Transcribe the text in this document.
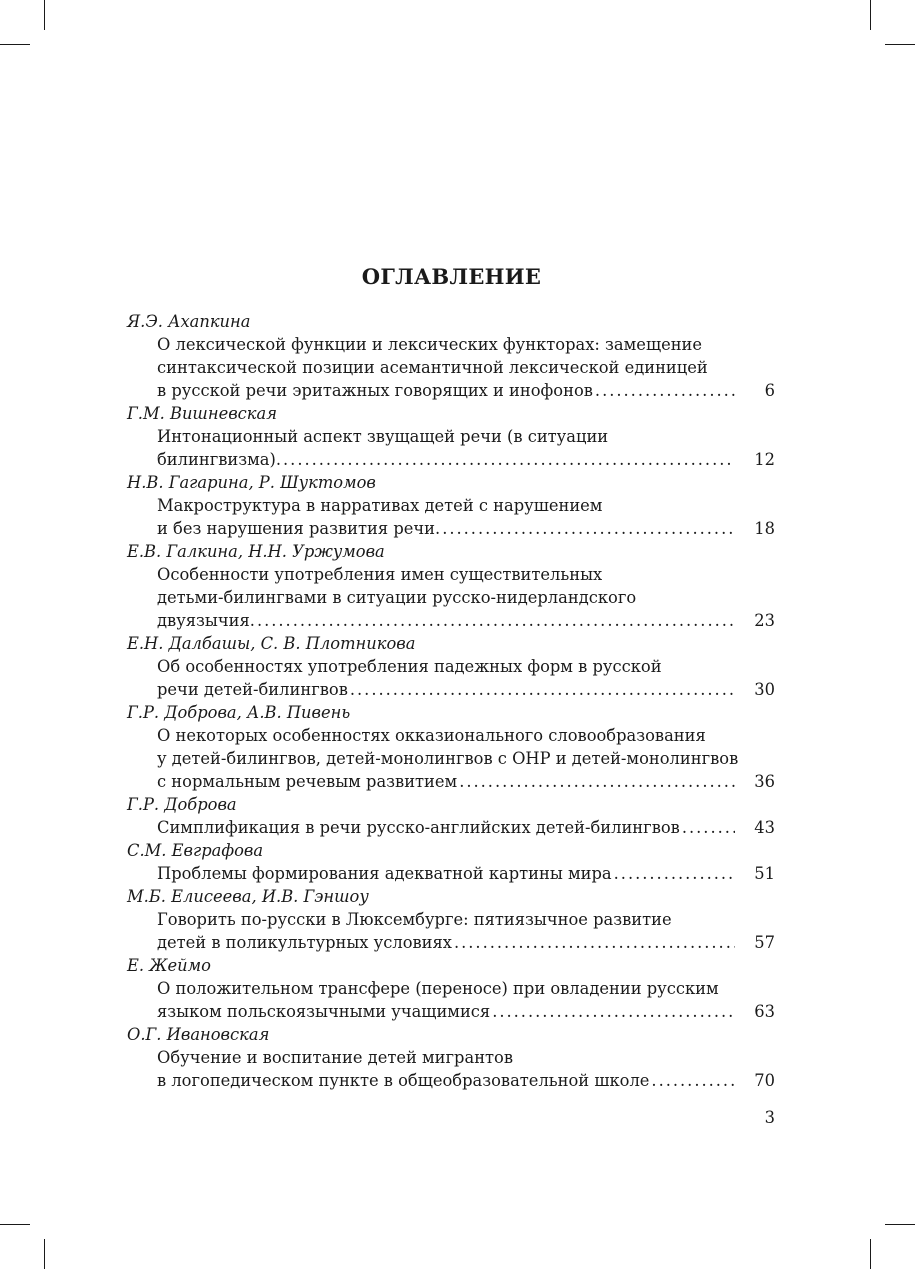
ОГЛАВЛЕНИЕ
Я.Э. Ахапкина
О лексической функции и лексических функторах: замещение
синтаксической позиции асемантичной лексической единицей
в русской речи эритажных говорящих и инофонов . . .	6
Г.М. Вишневская
Интонационный аспект звущащей речи (в ситуации
билингвизма). . . .	12
Н.В. Гагарина, Р. Шуктомов
Макроструктура в нарративах детей с нарушением
и без нарушения развития речи. . . .	18
Е.В. Галкина, Н.Н. Уржумова
Особенности употребления имен существительных
детьми-билингвами в ситуации русско-нидерландского
двуязычия. . . .	23
Е.Н. Далбашы, С. В. Плотникова
Об особенностях употребления падежных форм в русской
речи детей-билингвов . . .	30
Г.Р. Доброва, А.В. Пивень
О некоторых особенностях окказионального словообразования
у детей-билингвов, детей-монолингвов с ОНР и детей-монолингвов
с нормальным речевым развитием . . .	36
Г.Р. Доброва
Симплификация в речи русско-английских детей-билингвов . . .	43
С.М. Евграфова
Проблемы формирования адекватной картины мира . . .	51
М.Б. Елисеева, И.В. Гэншоу
Говорить по-русски в Люксембурге: пятиязычное развитие
детей в поликультурных условиях . . .	57
Е. Жеймо
О положительном трансфере (переносе) при овладении русским
языком польскоязычными учащимися . . .	63
О.Г. Ивановская
Обучение и воспитание детей мигрантов
в логопедическом пункте в общеобразовательной школе . . .	70
3
